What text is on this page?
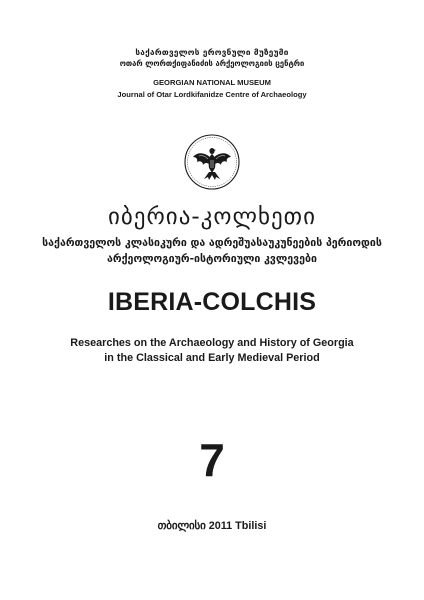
საქართველოს ეროვნული მუზეუმი
ოთარ ლორთქიფანიძის არქეოლოგიის ცენტრი
GEORGIAN NATIONAL MUSEUM
Journal of Otar Lordkifanidze Centre of Archaeology
იბერია-კოლხეთი
საქართველოს კლასიკური და ადრეშუასაუკუნეების პერიოდის
არქეოლოგიურ-ისტორიული კვლევები
IBERIA-COLCHIS
Researches on the Archaeology and History of Georgia
in the Classical and Early Medieval Period
7
თბილისი 2011 Tbilisi
